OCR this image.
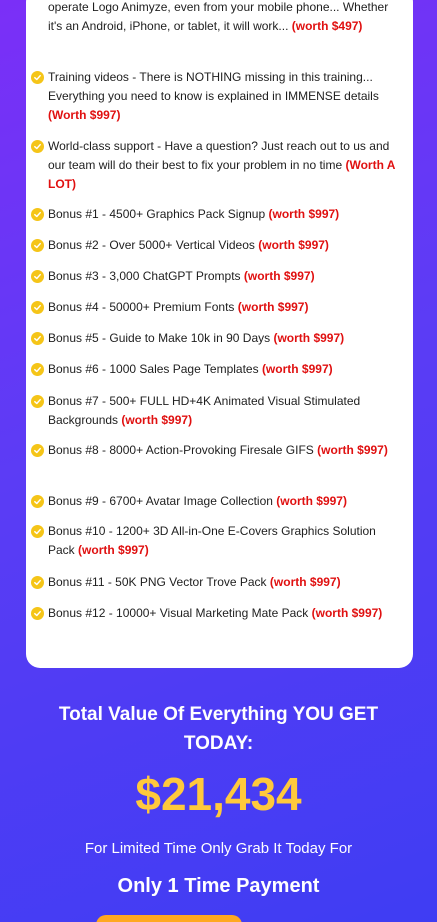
operate Logo Animyze, even from your mobile phone... Whether it's an Android, iPhone, or tablet, it will work... (worth $497)
Training videos - There is NOTHING missing in this training... Everything you need to know is explained in IMMENSE details (Worth $997)
World-class support - Have a question? Just reach out to us and our team will do their best to fix your problem in no time (Worth A LOT)
Bonus #1 - 4500+ Graphics Pack Signup (worth $997)
Bonus #2 - Over 5000+ Vertical Videos (worth $997)
Bonus #3 - 3,000 ChatGPT Prompts (worth $997)
Bonus #4 - 50000+ Premium Fonts (worth $997)
Bonus #5 - Guide to Make 10k in 90 Days (worth $997)
Bonus #6 - 1000 Sales Page Templates (worth $997)
Bonus #7 - 500+ FULL HD+4K Animated Visual Stimulated Backgrounds (worth $997)
Bonus #8 - 8000+ Action-Provoking Firesale GIFS (worth $997)
Bonus #9 - 6700+ Avatar Image Collection (worth $997)
Bonus #10 - 1200+ 3D All-in-One E-Covers Graphics Solution Pack (worth $997)
Bonus #11 - 50K PNG Vector Trove Pack (worth $997)
Bonus #12 - 10000+ Visual Marketing Mate Pack (worth $997)
Total Value Of Everything YOU GET TODAY:
$21,434
For Limited Time Only Grab It Today For
Only 1 Time Payment
